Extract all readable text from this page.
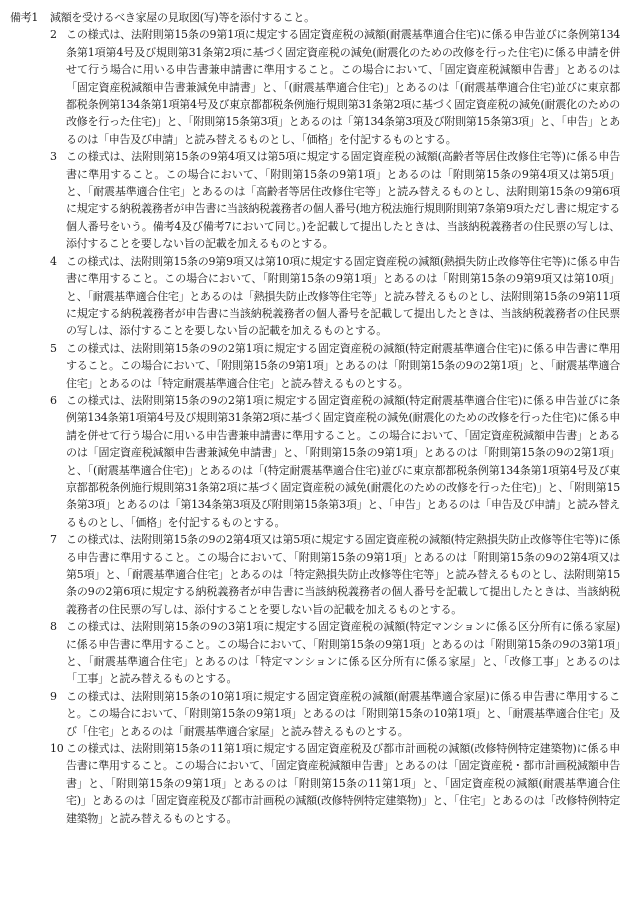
備考1	減額を受けるべき家屋の見取図(写)等を添付すること。
2 この様式は、法附則第15条の9第1項に規定する固定資産税の減額(耐震基準適合住宅)に係る申告並びに条例第134条第1項第4号及び規則第31条第2項に基づく固定資産税の減免(耐震化のための改修を行った住宅)に係る申請を併せて行う場合に用いる申告書兼申請書に準用すること。この場合において、「固定資産税減額申告書」とあるのは「固定資産税減額申告書兼減免申請書」と、「(耐震基準適合住宅)」とあるのは「(耐震基準適合住宅)並びに東京都都税条例第134条第1項第4号及び東京都都税条例施行規則第31条第2項に基づく固定資産税の減免(耐震化のための改修を行った住宅)」と、「附則第15条第3項」とあるのは「第134条第3項及び附則第15条第3項」と、「申告」とあるのは「申告及び申請」と読み替えるものとし、「価格」を付記するものとする。
3 この様式は、法附則第15条の9第4項又は第5項に規定する固定資産税の減額(高齢者等居住改修住宅等)に係る申告書に準用すること。この場合において、「附則第15条の9第1項」とあるのは「附則第15条の9第4項又は第5項」と、「耐震基準適合住宅」とあるのは「高齢者等居住改修住宅等」と読み替えるものとし、法附則第15条の9第6項に規定する納税義務者が申告書に当該納税義務者の個人番号(地方税法施行規則附則第7条第9項ただし書に規定する個人番号をいう。備考4及び備考7において同じ。)を記載して提出したときは、当該納税義務者の住民票の写しは、添付することを要しない旨の記載を加えるものとする。
4 この様式は、法附則第15条の9第9項又は第10項に規定する固定資産税の減額(熱損失防止改修等住宅等)に係る申告書に準用すること。この場合において、「附則第15条の9第1項」とあるのは「附則第15条の9第9項又は第10項」と、「耐震基準適合住宅」とあるのは「熱損失防止改修等住宅等」と読み替えるものとし、法附則第15条の9第11項に規定する納税義務者が申告書に当該納税義務者の個人番号を記載して提出したときは、当該納税義務者の住民票の写しは、添付することを要しない旨の記載を加えるものとする。
5 この様式は、法附則第15条の9の2第1項に規定する固定資産税の減額(特定耐震基準適合住宅)に係る申告書に準用すること。この場合において、「附則第15条の9第1項」とあるのは「附則第15条の9の2第1項」と、「耐震基準適合住宅」とあるのは「特定耐震基準適合住宅」と読み替えるものとする。
6 この様式は、法附則第15条の9の2第1項に規定する固定資産税の減額(特定耐震基準適合住宅)に係る申告並びに条例第134条第1項第4号及び規則第31条第2項に基づく固定資産税の減免(耐震化のための改修を行った住宅)に係る申請を併せて行う場合に用いる申告書兼申請書に準用すること。この場合において、「固定資産税減額申告書」とあるのは「固定資産税減額申告書兼減免申請書」と、「附則第15条の9第1項」とあるのは「附則第15条の9の2第1項」と、「(耐震基準適合住宅)」とあるのは「(特定耐震基準適合住宅)並びに東京都都税条例第134条第1項第4号及び東京都都税条例施行規則第31条第2項に基づく固定資産税の減免(耐震化のための改修を行った住宅)」と、「附則第15条第3項」とあるのは「第134条第3項及び附則第15条第3項」と、「申告」とあるのは「申告及び申請」と読み替えるものとし、「価格」を付記するものとする。
7 この様式は、法附則第15条の9の2第4項又は第5項に規定する固定資産税の減額(特定熱損失防止改修等住宅等)に係る申告書に準用すること。この場合において、「附則第15条の9第1項」とあるのは「附則第15条の9の2第4項又は第5項」と、「耐震基準適合住宅」とあるのは「特定熱損失防止改修等住宅等」と読み替えるものとし、法附則第15条の9の2第6項に規定する納税義務者が申告書に当該納税義務者の個人番号を記載して提出したときは、当該納税義務者の住民票の写しは、添付することを要しない旨の記載を加えるものとする。
8 この様式は、法附則第15条の9の3第1項に規定する固定資産税の減額(特定マンションに係る区分所有に係る家屋)に係る申告書に準用すること。この場合において、「附則第15条の9第1項」とあるのは「附則第15条の9の3第1項」と、「耐震基準適合住宅」とあるのは「特定マンションに係る区分所有に係る家屋」と、「改修工事」とあるのは「工事」と読み替えるものとする。
9 この様式は、法附則第15条の10第1項に規定する固定資産税の減額(耐震基準適合家屋)に係る申告書に準用すること。この場合において、「附則第15条の9第1項」とあるのは「附則第15条の10第1項」と、「耐震基準適合住宅」及び「住宅」とあるのは「耐震基準適合家屋」と読み替えるものとする。
10 この様式は、法附則第15条の11第1項に規定する固定資産税及び都市計画税の減額(改修特例特定建築物)に係る申告書に準用すること。この場合において、「固定資産税減額申告書」とあるのは「固定資産税・都市計画税減額申告書」と、「附則第15条の9第1項」とあるのは「附則第15条の11第1項」と、「固定資産税の減額(耐震基準適合住宅)」とあるのは「固定資産税及び都市計画税の減額(改修特例特定建築物)」と、「住宅」とあるのは「改修特例特定建築物」と読み替えるものとする。
